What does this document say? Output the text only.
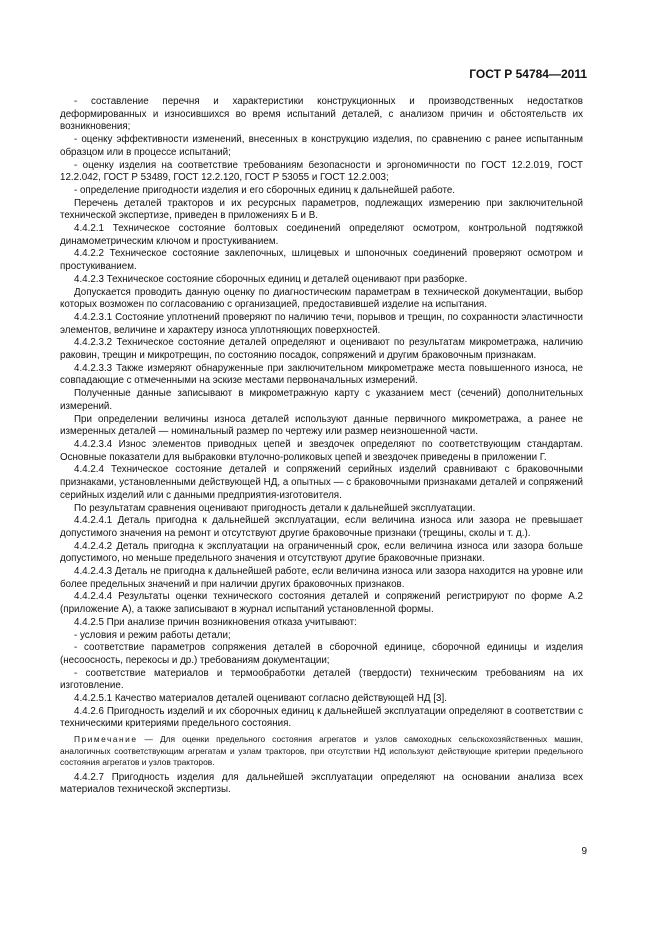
ГОСТ Р 54784—2011

- составление перечня и характеристики конструкционных и производственных недостатков деформированных и износившихся во время испытаний деталей, с анализом причин и обстоятельств их возникновения;

- оценку эффективности изменений, внесенных в конструкцию изделия, по сравнению с ранее испытанным образцом или в процессе испытаний;

- оценку изделия на соответствие требованиям безопасности и эргономичности по ГОСТ 12.2.019, ГОСТ 12.2.042, ГОСТ Р 53489, ГОСТ 12.2.120, ГОСТ Р 53055 и ГОСТ 12.2.003;

- определение пригодности изделия и его сборочных единиц к дальнейшей работе.

Перечень деталей тракторов и их ресурсных параметров, подлежащих измерению при заключительной технической экспертизе, приведен в приложениях Б и В.

4.4.2.1 Техническое состояние болтовых соединений определяют осмотром, контрольной подтяжкой динамометрическим ключом и простукиванием.

4.4.2.2 Техническое состояние заклепочных, шлицевых и шпоночных соединений проверяют осмотром и простукиванием.

4.4.2.3 Техническое состояние сборочных единиц и деталей оценивают при разборке.

Допускается проводить данную оценку по диагностическим параметрам в технической документации, выбор которых возможен по согласованию с организацией, предоставившей изделие на испытания.

4.4.2.3.1 Состояние уплотнений проверяют по наличию течи, порывов и трещин, по сохранности эластичности элементов, величине и характеру износа уплотняющих поверхностей.

4.4.2.3.2 Техническое состояние деталей определяют и оценивают по результатам микрометража, наличию раковин, трещин и микротрещин, по состоянию посадок, сопряжений и другим браковочным признакам.

4.4.2.3.3 Также измеряют обнаруженные при заключительном микрометраже места повышенного износа, не совпадающие с отмеченными на эскизе местами первоначальных измерений.

Полученные данные записывают в микрометражную карту с указанием мест (сечений) дополнительных измерений.

При определении величины износа деталей используют данные первичного микрометража, а ранее не измеренных деталей — номинальный размер по чертежу или размер неизношенной части.

4.4.2.3.4 Износ элементов приводных цепей и звездочек определяют по соответствующим стандартам. Основные показатели для выбраковки втулочно-роликовых цепей и звездочек приведены в приложении Г.

4.4.2.4 Техническое состояние деталей и сопряжений серийных изделий сравнивают с браковочными признаками, установленными действующей НД, а опытных — с браковочными признаками деталей и сопряжений серийных изделий или с данными предприятия-изготовителя.

По результатам сравнения оценивают пригодность детали к дальнейшей эксплуатации.

4.4.2.4.1 Деталь пригодна к дальнейшей эксплуатации, если величина износа или зазора не превышает допустимого значения на ремонт и отсутствуют другие браковочные признаки (трещины, сколы и т. д.).

4.4.2.4.2 Деталь пригодна к эксплуатации на ограниченный срок, если величина износа или зазора больше допустимого, но меньше предельного значения и отсутствуют другие браковочные признаки.

4.4.2.4.3 Деталь не пригодна к дальнейшей работе, если величина износа или зазора находится на уровне или более предельных значений и при наличии других браковочных признаков.

4.4.2.4.4 Результаты оценки технического состояния деталей и сопряжений регистрируют по форме А.2 (приложение А), а также записывают в журнал испытаний установленной формы.

4.4.2.5 При анализе причин возникновения отказа учитывают:

- условия и режим работы детали;

- соответствие параметров сопряжения деталей в сборочной единице, сборочной единицы и изделия (несоосность, перекосы и др.) требованиям документации;

- соответствие материалов и термообработки деталей (твердости) техническим требованиям на их изготовление.

4.4.2.5.1 Качество материалов деталей оценивают согласно действующей НД [3].

4.4.2.6 Пригодность изделий и их сборочных единиц к дальнейшей эксплуатации определяют в соответствии с техническими критериями предельного состояния.

Примечание — Для оценки предельного состояния агрегатов и узлов самоходных сельскохозяйственных машин, аналогичных соответствующим агрегатам и узлам тракторов, при отсутствии НД используют действующие критерии предельного состояния агрегатов и узлов тракторов.

4.4.2.7 Пригодность изделия для дальнейшей эксплуатации определяют на основании анализа всех материалов технической экспертизы.

9
